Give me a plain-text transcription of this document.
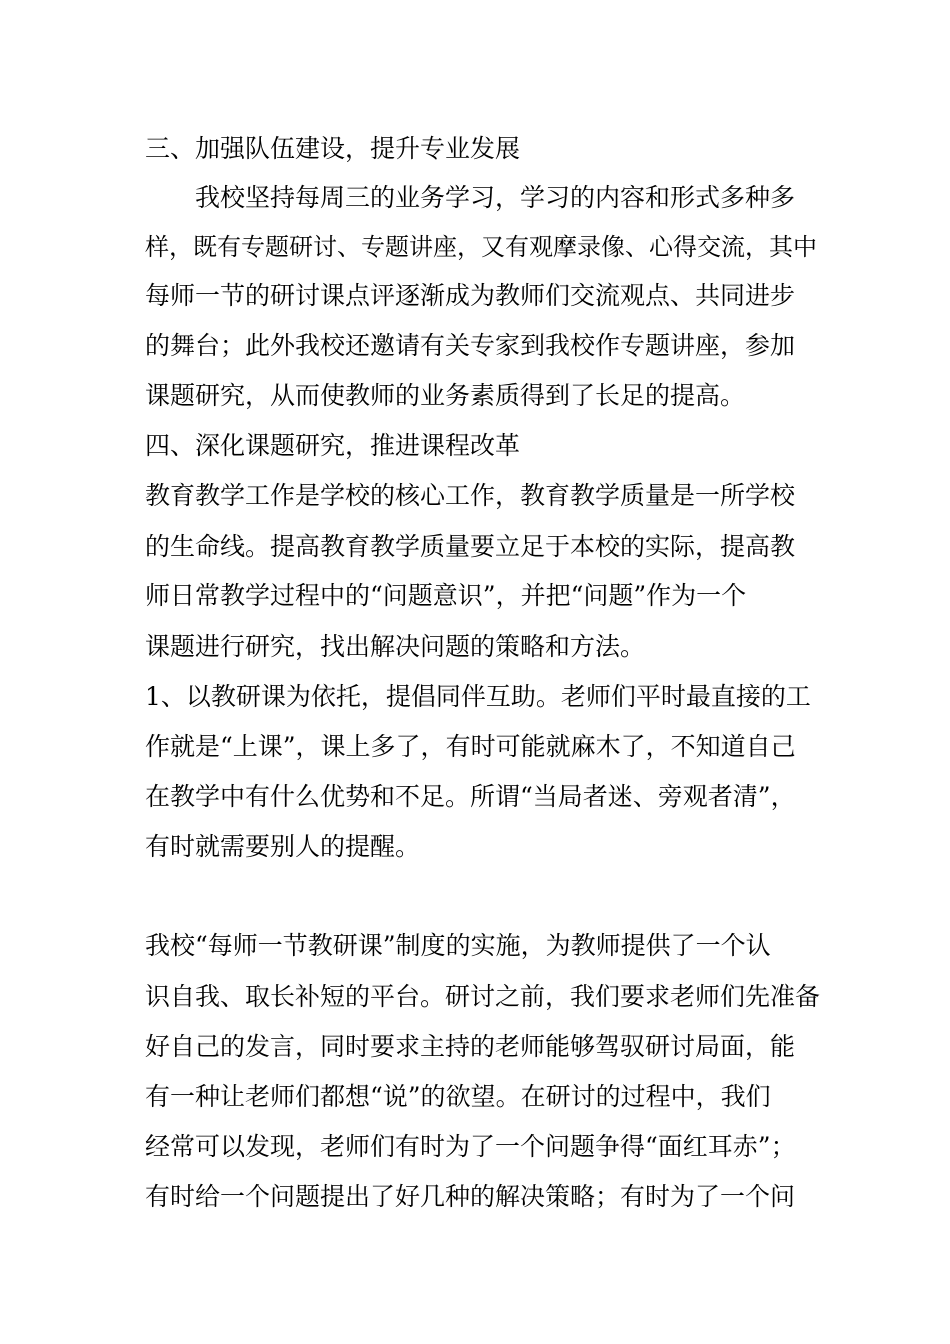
三、加强队伍建设，提升专业发展
我校坚持每周三的业务学习，学习的内容和形式多种多
样，既有专题研讨、专题讲座，又有观摩录像、心得交流，其中
每师一节的研讨课点评逐渐成为教师们交流观点、共同进步
的舞台；此外我校还邀请有关专家到我校作专题讲座，参加
课题研究，从而使教师的业务素质得到了长足的提高。
四、深化课题研究，推进课程改革
教育教学工作是学校的核心工作，教育教学质量是一所学校
的生命线。提高教育教学质量要立足于本校的实际，提高教
师日常教学过程中的“问题意识”，并把“问题”作为一个
课题进行研究，找出解决问题的策略和方法。
1、以教研课为依托，提倡同伴互助。老师们平时最直接的工
作就是“上课”，课上多了，有时可能就麻木了，不知道自己
在教学中有什么优势和不足。所谓“当局者迷、旁观者清”，
有时就需要别人的提醒。
我校“每师一节教研课”制度的实施，为教师提供了一个认
识自我、取长补短的平台。研讨之前，我们要求老师们先准备
好自己的发言，同时要求主持的老师能够驾驭研讨局面，能
有一种让老师们都想“说”的欲望。在研讨的过程中，我们
经常可以发现，老师们有时为了一个问题争得“面红耳赤”；
有时给一个问题提出了好几种的解决策略；有时为了一个问
